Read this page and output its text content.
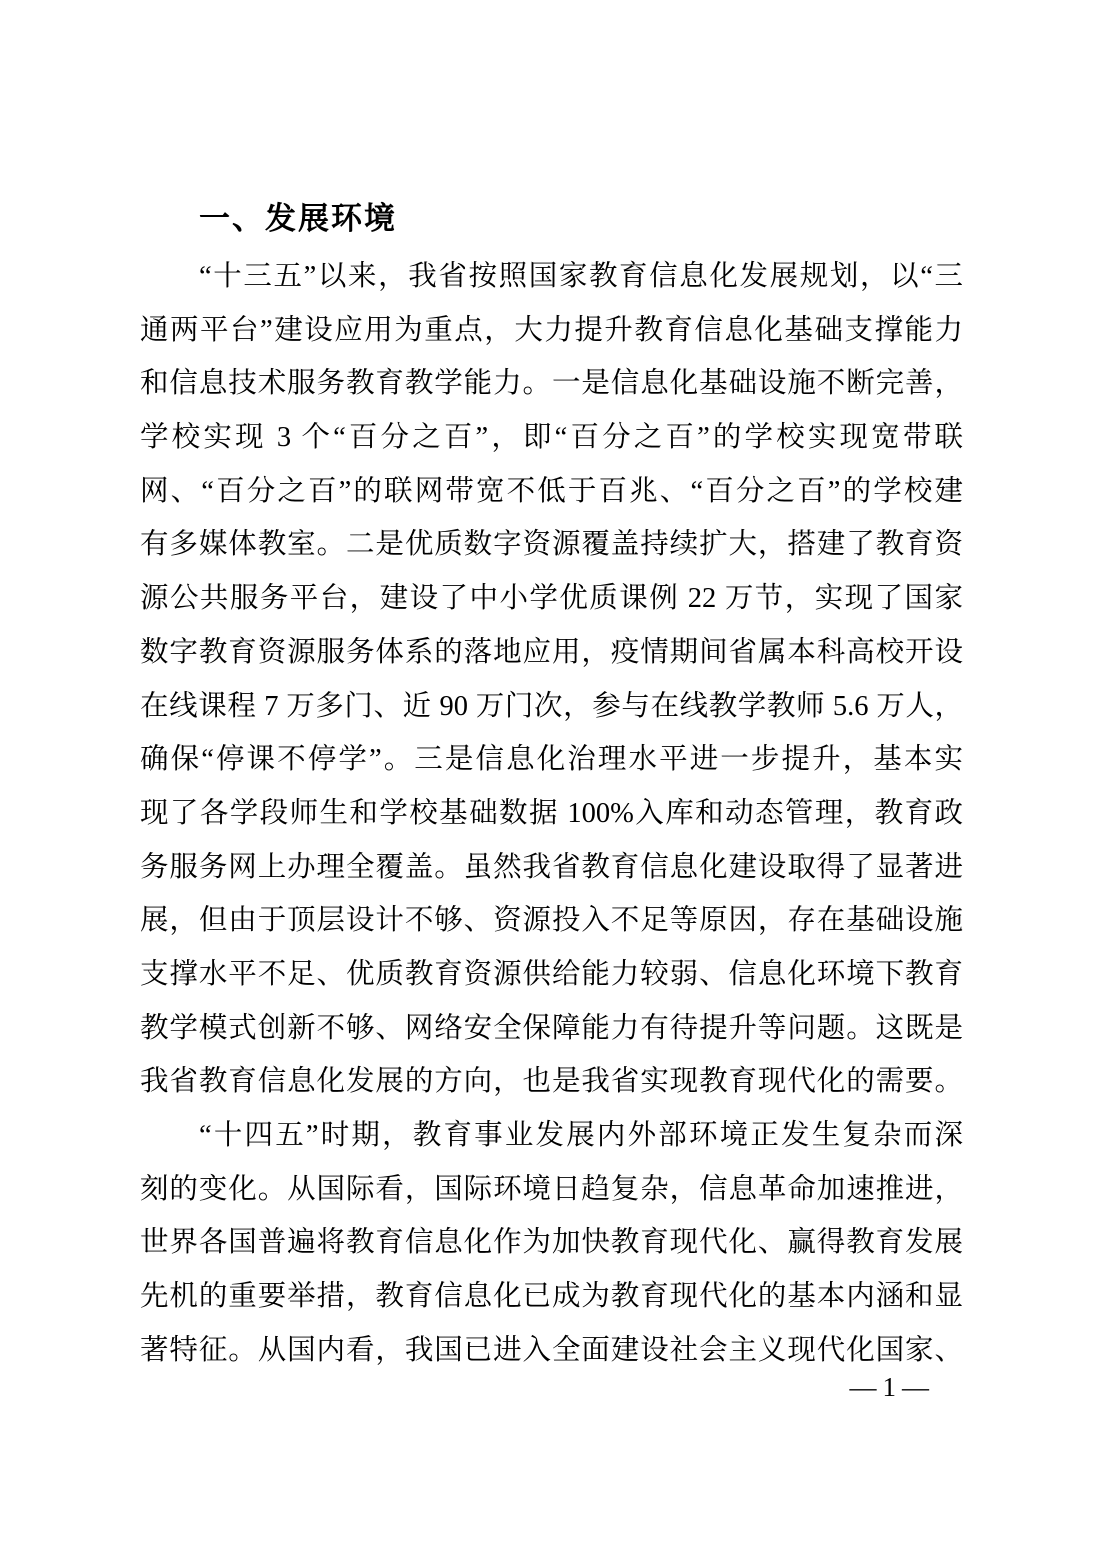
一、发展环境
“十三五”以来，我省按照国家教育信息化发展规划，以“三
通两平台”建设应用为重点，大力提升教育信息化基础支撑能力
和信息技术服务教育教学能力。一是信息化基础设施不断完善，
学校实现 3 个“百分之百”，即“百分之百”的学校实现宽带联
网、“百分之百”的联网带宽不低于百兆、“百分之百”的学校建
有多媒体教室。二是优质数字资源覆盖持续扩大，搭建了教育资
源公共服务平台，建设了中小学优质课例 22 万节，实现了国家
数字教育资源服务体系的落地应用，疫情期间省属本科高校开设
在线课程 7 万多门、近 90 万门次，参与在线教学教师 5.6 万人，
确保“停课不停学”。三是信息化治理水平进一步提升，基本实
现了各学段师生和学校基础数据 100%入库和动态管理，教育政
务服务网上办理全覆盖。虽然我省教育信息化建设取得了显著进
展，但由于顶层设计不够、资源投入不足等原因，存在基础设施
支撑水平不足、优质教育资源供给能力较弱、信息化环境下教育
教学模式创新不够、网络安全保障能力有待提升等问题。这既是
我省教育信息化发展的方向，也是我省实现教育现代化的需要。
“十四五”时期，教育事业发展内外部环境正发生复杂而深
刻的变化。从国际看，国际环境日趋复杂，信息革命加速推进，
世界各国普遍将教育信息化作为加快教育现代化、赢得教育发展
先机的重要举措，教育信息化已成为教育现代化的基本内涵和显
著特征。从国内看，我国已进入全面建设社会主义现代化国家、
—1—
